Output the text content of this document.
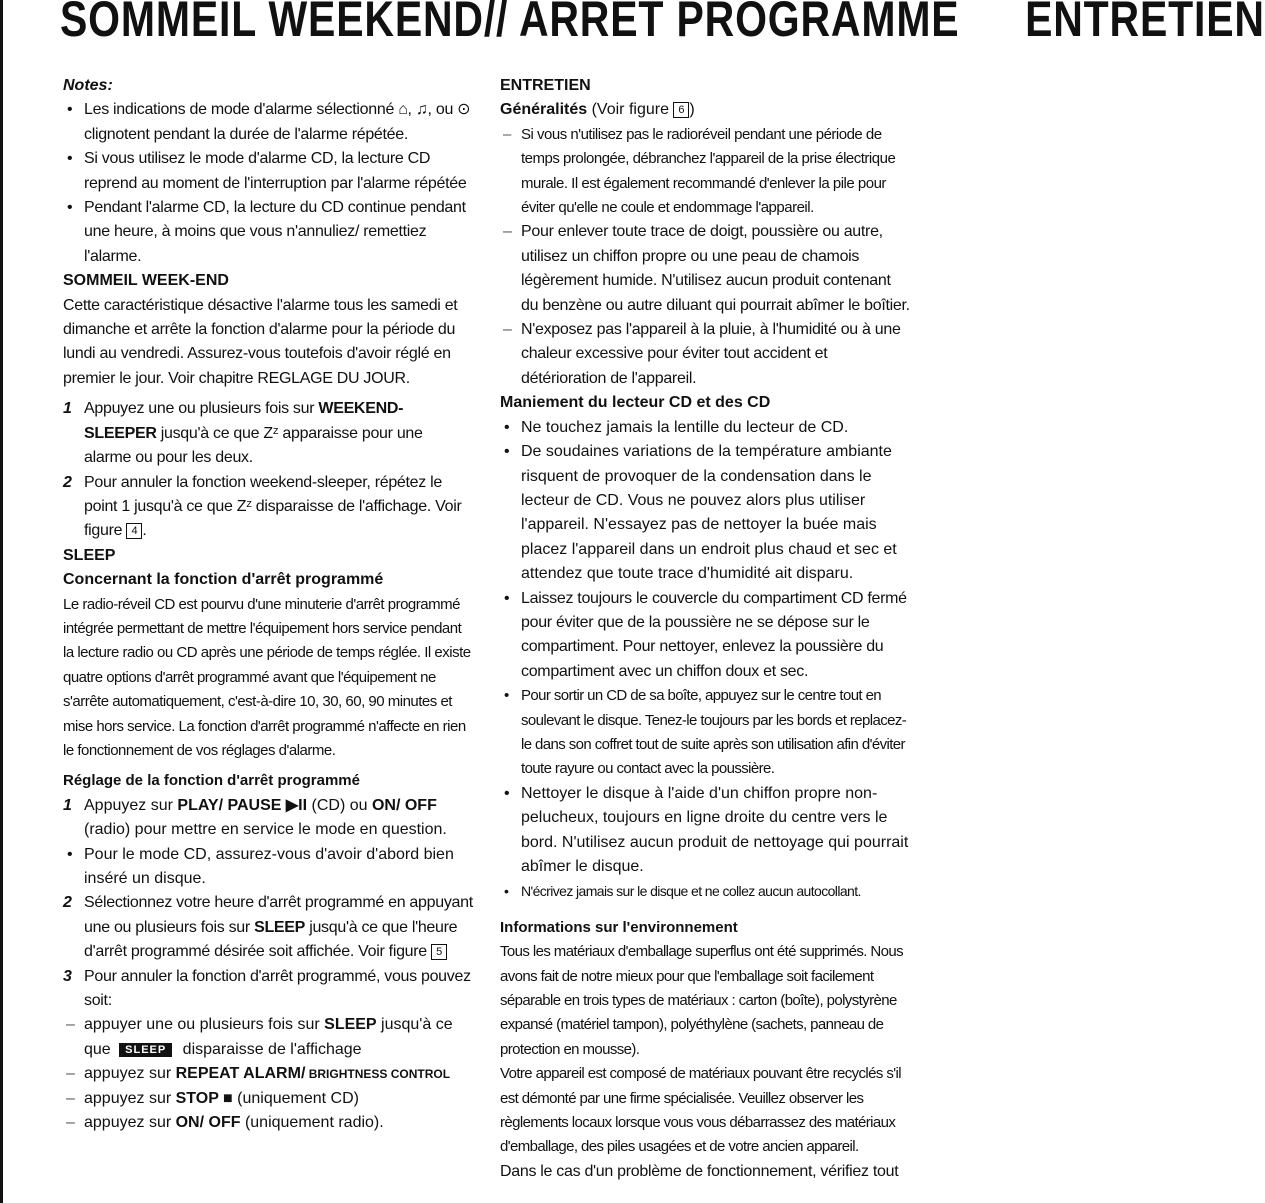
SOMMEIL WEEKEND// ARRET PROGRAMME ENTRETIEN

Notes:

• Les indications de mode d'alarme sélectionné ⌂, ♫, ou ⊙ clignotent pendant la durée de l'alarme répétée.

• Si vous utilisez le mode d'alarme CD, la lecture CD reprend au moment de l'interruption par l'alarme répétée

• Pendant l'alarme CD, la lecture du CD continue pendant une heure, à moins que vous n'annuliez/ remettiez l'alarme.

SOMMEIL WEEK-END

Cette caractéristique désactive l'alarme tous les samedi et dimanche et arrête la fonction d'alarme pour la période du lundi au vendredi. Assurez-vous toutefois d'avoir réglé en premier le jour. Voir chapitre REGLAGE DU JOUR.

1 Appuyez une ou plusieurs fois sur WEEKEND-SLEEPER jusqu'à ce que Zᶻ apparaisse pour une alarme ou pour les deux.

2 Pour annuler la fonction weekend-sleeper, répétez le point 1 jusqu'à ce que Zᶻ disparaisse de l'affichage. Voir figure 4 .

SLEEP

Concernant la fonction d'arrêt programmé

Le radio-réveil CD est pourvu d'une minuterie d'arrêt programmé intégrée permettant de mettre l'équipement hors service pendant la lecture radio ou CD après une période de temps réglée. Il existe quatre options d'arrêt programmé avant que l'équipement ne s'arrête automatiquement, c'est-à-dire 10, 30, 60, 90 minutes et mise hors service. La fonction d'arrêt programmé n'affecte en rien le fonctionnement de vos réglages d'alarme.

Réglage de la fonction d'arrêt programmé

1 Appuyez sur PLAY/ PAUSE ▶II (CD) ou ON/ OFF (radio) pour mettre en service le mode en question.

• Pour le mode CD, assurez-vous d'avoir d'abord bien inséré un disque.

2 Sélectionnez votre heure d'arrêt programmé en appuyant une ou plusieurs fois sur SLEEP jusqu'à ce que l'heure d'arrêt programmé désirée soit affichée. Voir figure 5

3 Pour annuler la fonction d'arrêt programmé, vous pouvez soit:

– appuyer une ou plusieurs fois sur SLEEP jusqu'à ce que SLEEP disparaisse de l'affichage

– appuyez sur REPEAT ALARM/ BRIGHTNESS CONTROL

– appuyez sur STOP ■ (uniquement CD)

– appuyez sur ON/ OFF (uniquement radio).

ENTRETIEN

Généralités (Voir figure 6 )

– Si vous n'utilisez pas le radioréveil pendant une période de temps prolongée, débranchez l'appareil de la prise électrique murale. Il est également recommandé d'enlever la pile pour éviter qu'elle ne coule et endommage l'appareil.

– Pour enlever toute trace de doigt, poussière ou autre, utilisez un chiffon propre ou une peau de chamois légèrement humide. N'utilisez aucun produit contenant du benzène ou autre diluant qui pourrait abîmer le boîtier.

– N'exposez pas l'appareil à la pluie, à l'humidité ou à une chaleur excessive pour éviter tout accident et détérioration de l'appareil.

Maniement du lecteur CD et des CD

• Ne touchez jamais la lentille du lecteur de CD.

• De soudaines variations de la température ambiante risquent de provoquer de la condensation dans le lecteur de CD. Vous ne pouvez alors plus utiliser l'appareil. N'essayez pas de nettoyer la buée mais placez l'appareil dans un endroit plus chaud et sec et attendez que toute trace d'humidité ait disparu.

• Laissez toujours le couvercle du compartiment CD fermé pour éviter que de la poussière ne se dépose sur le compartiment. Pour nettoyer, enlevez la poussière du compartiment avec un chiffon doux et sec.

• Pour sortir un CD de sa boîte, appuyez sur le centre tout en soulevant le disque. Tenez-le toujours par les bords et replacez-le dans son coffret tout de suite après son utilisation afin d'éviter toute rayure ou contact avec la poussière.

• Nettoyer le disque à l'aide d'un chiffon propre non-pelucheux, toujours en ligne droite du centre vers le bord. N'utilisez aucun produit de nettoyage qui pourrait abîmer le disque.

• N'écrivez jamais sur le disque et ne collez aucun autocollant.

Informations sur l'environnement

Tous les matériaux d'emballage superflus ont été supprimés. Nous avons fait de notre mieux pour que l'emballage soit facilement séparable en trois types de matériaux : carton (boîte), polystyrène expansé (matériel tampon), polyéthylène (sachets, panneau de protection en mousse).

Votre appareil est composé de matériaux pouvant être recyclés s'il est démonté par une firme spécialisée. Veuillez observer les règlements locaux lorsque vous vous débarrassez des matériaux d'emballage, des piles usagées et de votre ancien appareil.

Dans le cas d'un problème de fonctionnement, vérifiez tout
